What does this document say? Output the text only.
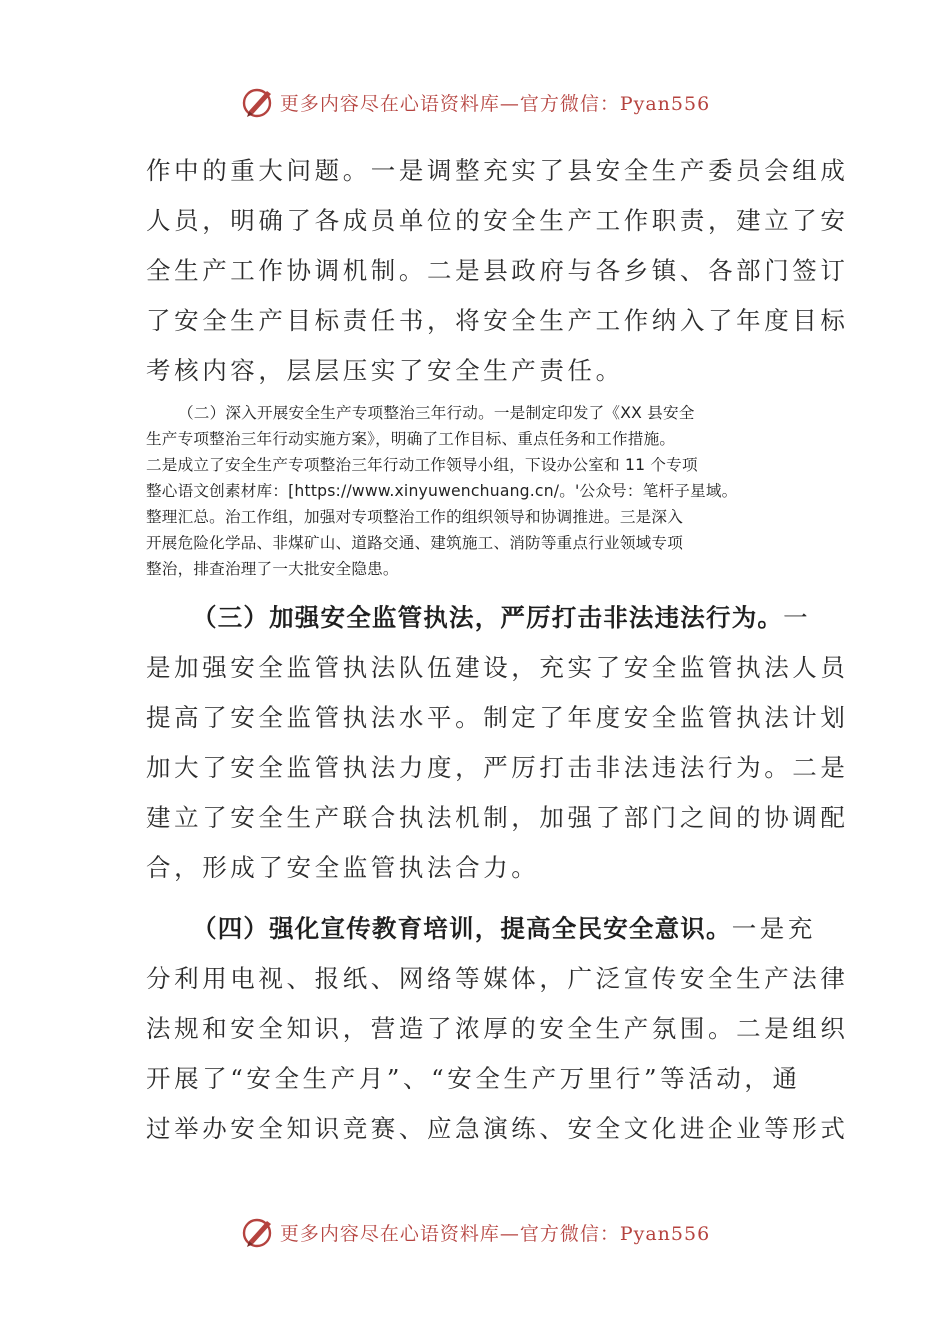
更多内容尽在心语资料库—官方微信：Pyan556
作中的重大问题。一是调整充实了县安全生产委员会组成
人员，明确了各成员单位的安全生产工作职责，建立了安
全生产工作协调机制。二是县政府与各乡镇、各部门签订
了安全生产目标责任书，将安全生产工作纳入了年度目标
考核内容，层层压实了安全生产责任。
（二）深入开展安全生产专项整治三年行动。一是制定印发了《XX 县安全
生产专项整治三年行动实施方案》，明确了工作目标、重点任务和工作措施。
二是成立了安全生产专项整治三年行动工作领导小组，下设办公室和 11 个专项
整心语文创素材库：[https://www.xinyuwenchuang.cn/。'公众号：笔杆子星域。
整理汇总。治工作组，加强对专项整治工作的组织领导和协调推进。三是深入
开展危险化学品、非煤矿山、道路交通、建筑施工、消防等重点行业领域专项
整治，排查治理了一大批安全隐患。
（三）加强安全监管执法，严厉打击非法违法行为。一
是加强安全监管执法队伍建设，充实了安全监管执法人员
提高了安全监管执法水平。制定了年度安全监管执法计划
加大了安全监管执法力度，严厉打击非法违法行为。二是
建立了安全生产联合执法机制，加强了部门之间的协调配
合，形成了安全监管执法合力。
（四）强化宣传教育培训，提高全民安全意识。一是充
分利用电视、报纸、网络等媒体，广泛宣传安全生产法律
法规和安全知识，营造了浓厚的安全生产氛围。二是组织
开展了“安全生产月”、“安全生产万里行”等活动，通
过举办安全知识竞赛、应急演练、安全文化进企业等形式
更多内容尽在心语资料库—官方微信：Pyan556
